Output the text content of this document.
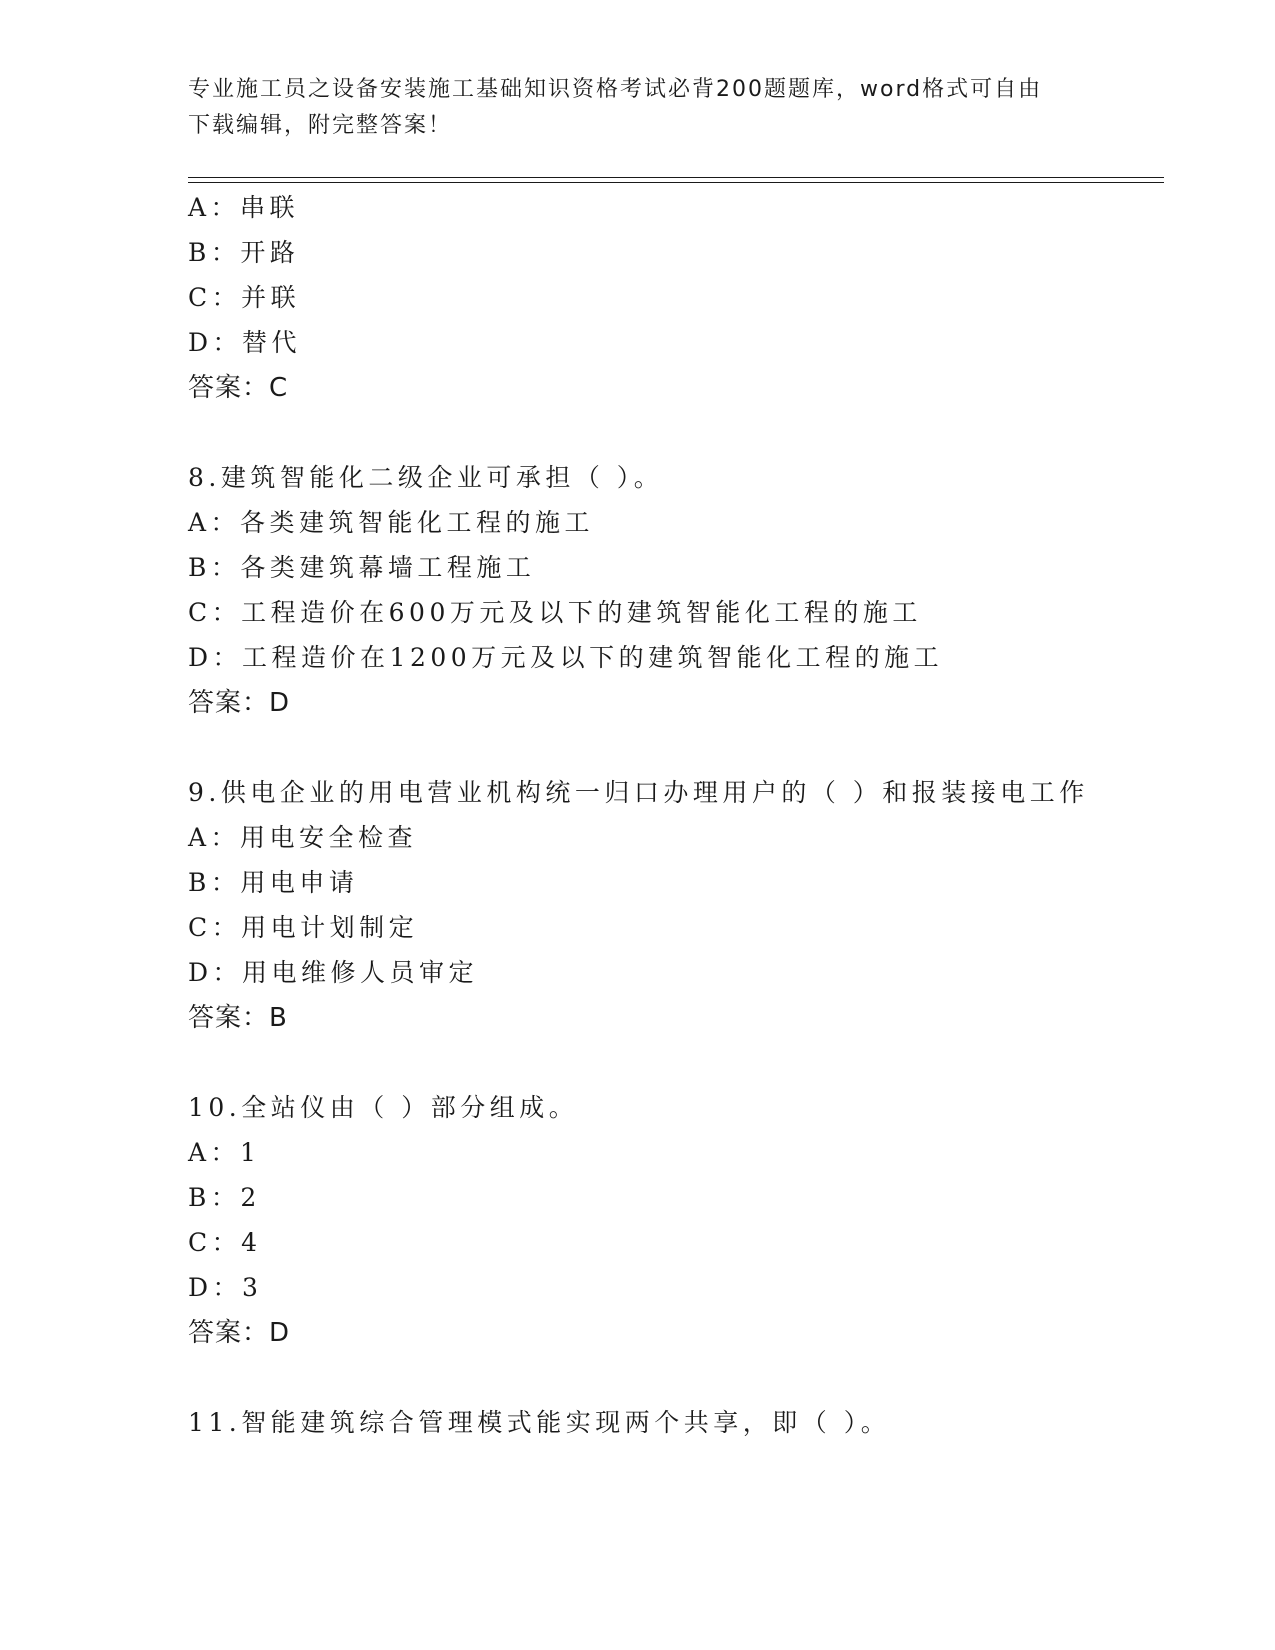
专业施工员之设备安装施工基础知识资格考试必背200题题库，word格式可自由
下载编辑，附完整答案！
A：串联
B：开路
C：并联
D：替代
答案：C
8.建筑智能化二级企业可承担（ ）。
A：各类建筑智能化工程的施工
B：各类建筑幕墙工程施工
C：工程造价在600万元及以下的建筑智能化工程的施工
D：工程造价在1200万元及以下的建筑智能化工程的施工
答案：D
9.供电企业的用电营业机构统一归口办理用户的（ ）和报装接电工作
A：用电安全检查
B：用电申请
C：用电计划制定
D：用电维修人员审定
答案：B
10.全站仪由（ ）部分组成。
A：1
B：2
C：4
D：3
答案：D
11.智能建筑综合管理模式能实现两个共享，即（ ）。
